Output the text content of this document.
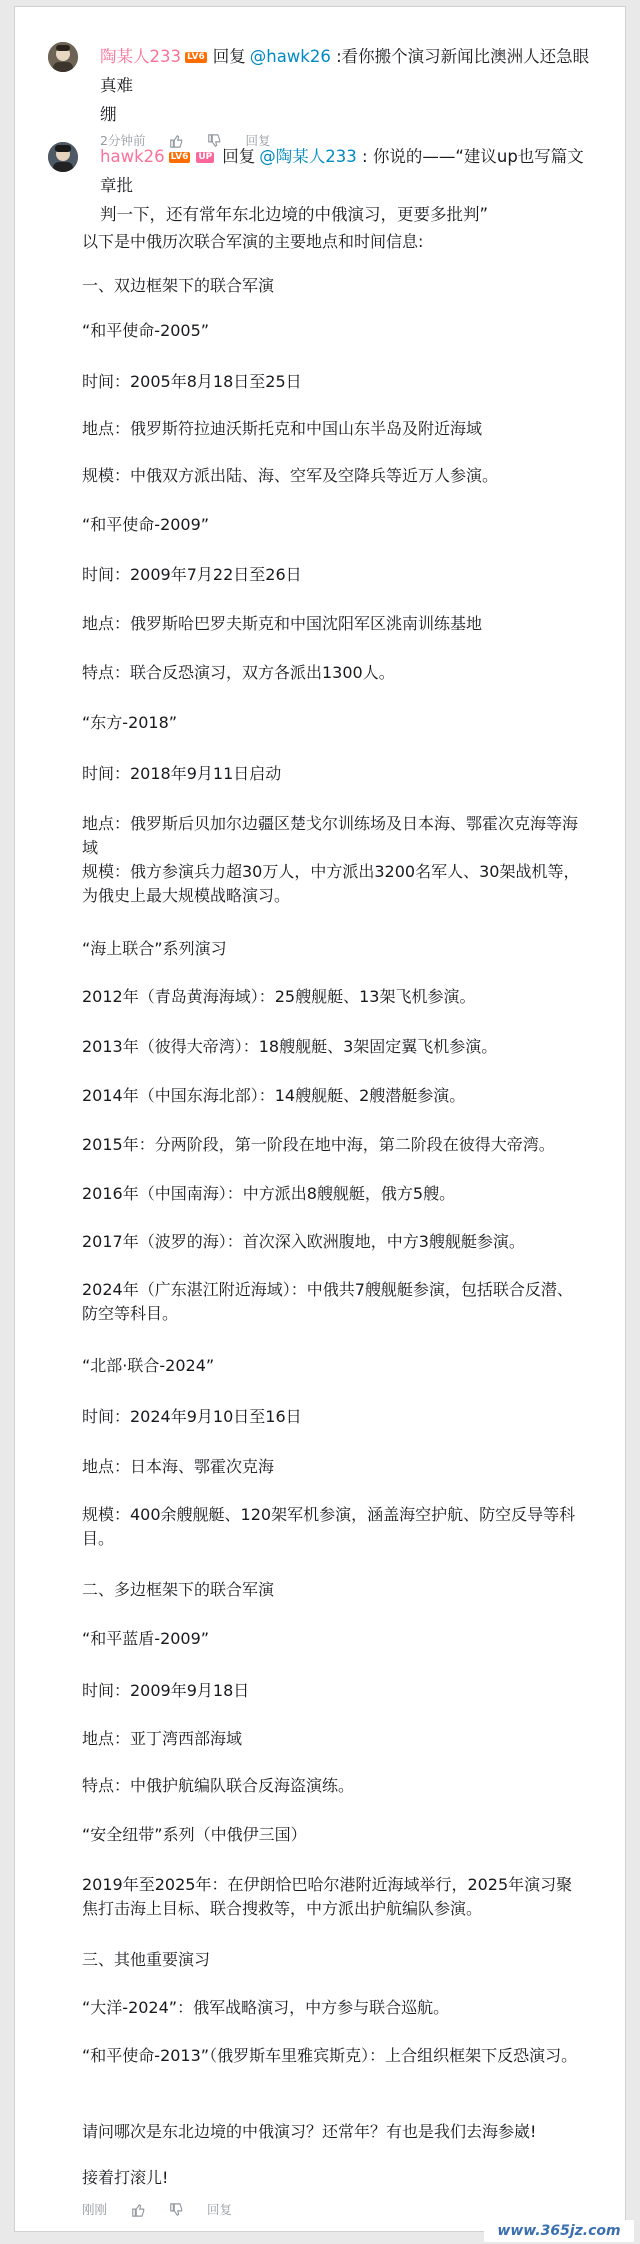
陶某人233 LV6 回复 @hawk26 :看你搬个演习新闻比澳洲人还急眼真难
绷
2分钟前	回复
hawk26 LV6 UP 回复 @陶某人233 : 你说的——“建议up也写篇文章批
判一下，还有常年东北边境的中俄演习，更要多批判”

以下是中俄历次联合军演的主要地点和时间信息:

一、双边框架下的联合军演

“和平使命-2005”

时间：2005年8月18日至25日

地点：俄罗斯符拉迪沃斯托克和中国山东半岛及附近海域

规模：中俄双方派出陆、海、空军及空降兵等近万人参演。

“和平使命-2009”

时间：2009年7月22日至26日

地点：俄罗斯哈巴罗夫斯克和中国沈阳军区洮南训练基地

特点：联合反恐演习，双方各派出1300人。

“东方-2018”

时间：2018年9月11日启动

地点：俄罗斯后贝加尔边疆区楚戈尔训练场及日本海、鄂霍次克海等海域

规模：俄方参演兵力超30万人，中方派出3200名军人、30架战机等，为俄史上最大规模战略演习。

“海上联合”系列演习

2012年（青岛黄海海域）：25艘舰艇、13架飞机参演。

2013年（彼得大帝湾）：18艘舰艇、3架固定翼飞机参演。

2014年（中国东海北部）：14艘舰艇、2艘潜艇参演。

2015年：分两阶段，第一阶段在地中海，第二阶段在彼得大帝湾。

2016年（中国南海）：中方派出8艘舰艇，俄方5艘。

2017年（波罗的海）：首次深入欧洲腹地，中方3艘舰艇参演。

2024年（广东湛江附近海域）：中俄共7艘舰艇参演，包括联合反潜、防空等科目。

“北部·联合-2024”

时间：2024年9月10日至16日

地点：日本海、鄂霍次克海

规模：400余艘舰艇、120架军机参演，涵盖海空护航、防空反导等科目。

二、多边框架下的联合军演

“和平蓝盾-2009”

时间：2009年9月18日

地点：亚丁湾西部海域

特点：中俄护航编队联合反海盗演练。

“安全纽带”系列（中俄伊三国）

2019年至2025年：在伊朗恰巴哈尔港附近海域举行，2025年演习聚焦打击海上目标、联合搜救等，中方派出护航编队参演。

三、其他重要演习

“大洋-2024”：俄军战略演习，中方参与联合巡航。

“和平使命-2013”（俄罗斯车里雅宾斯克）：上合组织框架下反恐演习。

请问哪次是东北边境的中俄演习？还常年？有也是我们去海参崴!

接着打滚儿!

刚刚	回复
www.365jz.com
